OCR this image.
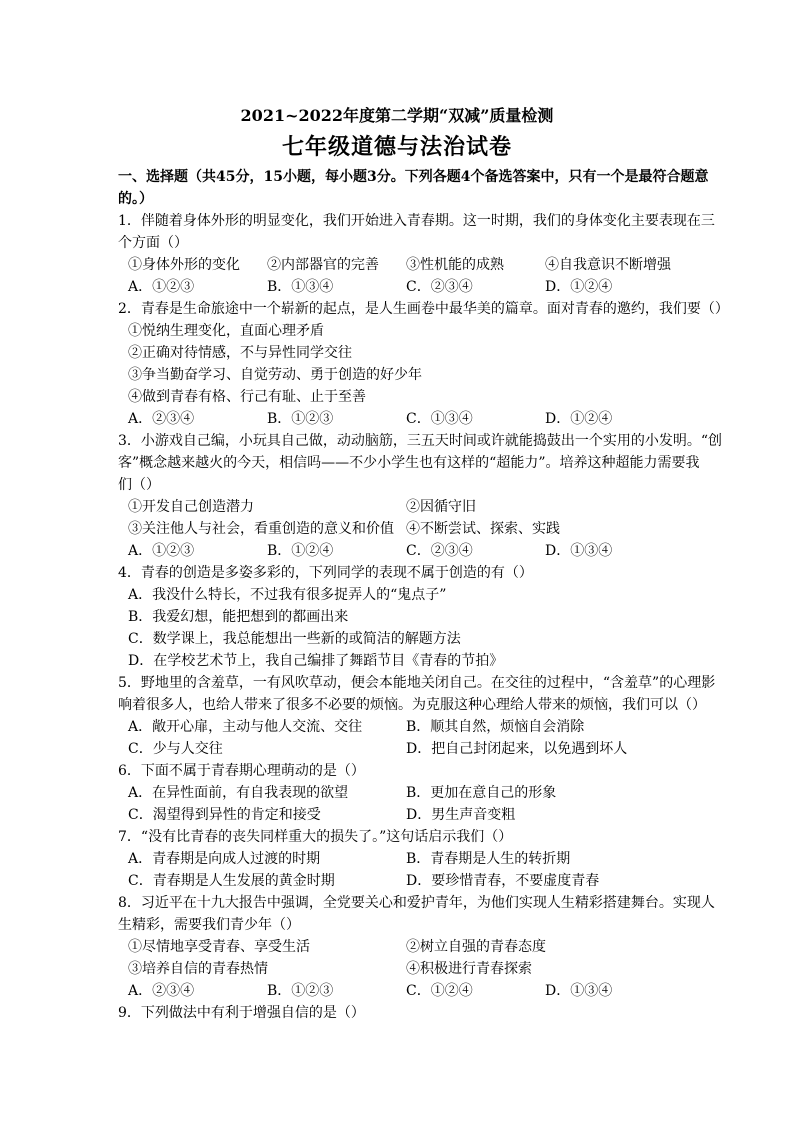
2021~2022年度第二学期“双减”质量检测
七年级道德与法治试卷
一、选择题（共45分，15小题，每小题3分。下列各题4个备选答案中，只有一个是最符合题意
的。）
1．伴随着身体外形的明显变化，我们开始进入青春期。这一时期，我们的身体变化主要表现在三
个方面（）
①身体外形的变化	②内部器官的完善	③性机能的成熟	④自我意识不断增强
A．①②③	B．①③④	C．②③④	D．①②④
2．青春是生命旅途中一个崭新的起点，是人生画卷中最华美的篇章。面对青春的邀约，我们要（）
①悦纳生理变化，直面心理矛盾
②正确对待情感，不与异性同学交往
③争当勤奋学习、自觉劳动、勇于创造的好少年
④做到青春有格、行己有耻、止于至善
A．②③④	B．①②③	C．①③④	D．①②④
3．小游戏自己编，小玩具自己做，动动脑筋，三五天时间或许就能捣鼓出一个实用的小发明。“创
客”概念越来越火的今天，相信吗——不少小学生也有这样的“超能力”。培养这种超能力需要我
们（）
①开发自己创造潜力	②因循守旧
③关注他人与社会，看重创造的意义和价值 ④不断尝试、探索、实践
A．①②③	B．①②④	C．②③④	D．①③④
4．青春的创造是多姿多彩的，下列同学的表现不属于创造的有（）
A．我没什么特长，不过我有很多捉弄人的“鬼点子”
B．我爱幻想，能把想到的都画出来
C．数学课上，我总能想出一些新的或简洁的解题方法
D．在学校艺术节上，我自己编排了舞蹈节目《青春的节拍》
5．野地里的含羞草，一有风吹草动，便会本能地关闭自己。在交往的过程中，“含羞草”的心理影
响着很多人，也给人带来了很多不必要的烦恼。为克服这种心理给人带来的烦恼，我们可以（）
A．敞开心扉，主动与他人交流、交往	B．顺其自然，烦恼自会消除
C．少与人交往	D．把自己封闭起来，以免遇到坏人
6．下面不属于青春期心理萌动的是（）
A．在异性面前，有自我表现的欲望	B．更加在意自己的形象
C．渴望得到异性的肯定和接受	D．男生声音变粗
7．“没有比青春的丧失同样重大的损失了。”这句话启示我们（）
A．青春期是向成人过渡的时期	B．青春期是人生的转折期
C．青春期是人生发展的黄金时期	D．要珍惜青春，不要虚度青春
8．习近平在十九大报告中强调，全党要关心和爱护青年，为他们实现人生精彩搭建舞台。实现人
生精彩，需要我们青少年（）
①尽情地享受青春、享受生活	②树立自强的青春态度
③培养自信的青春热情	④积极进行青春探索
A．②③④	B．①②③	C．①②④	D．①③④
9．下列做法中有利于增强自信的是（）
